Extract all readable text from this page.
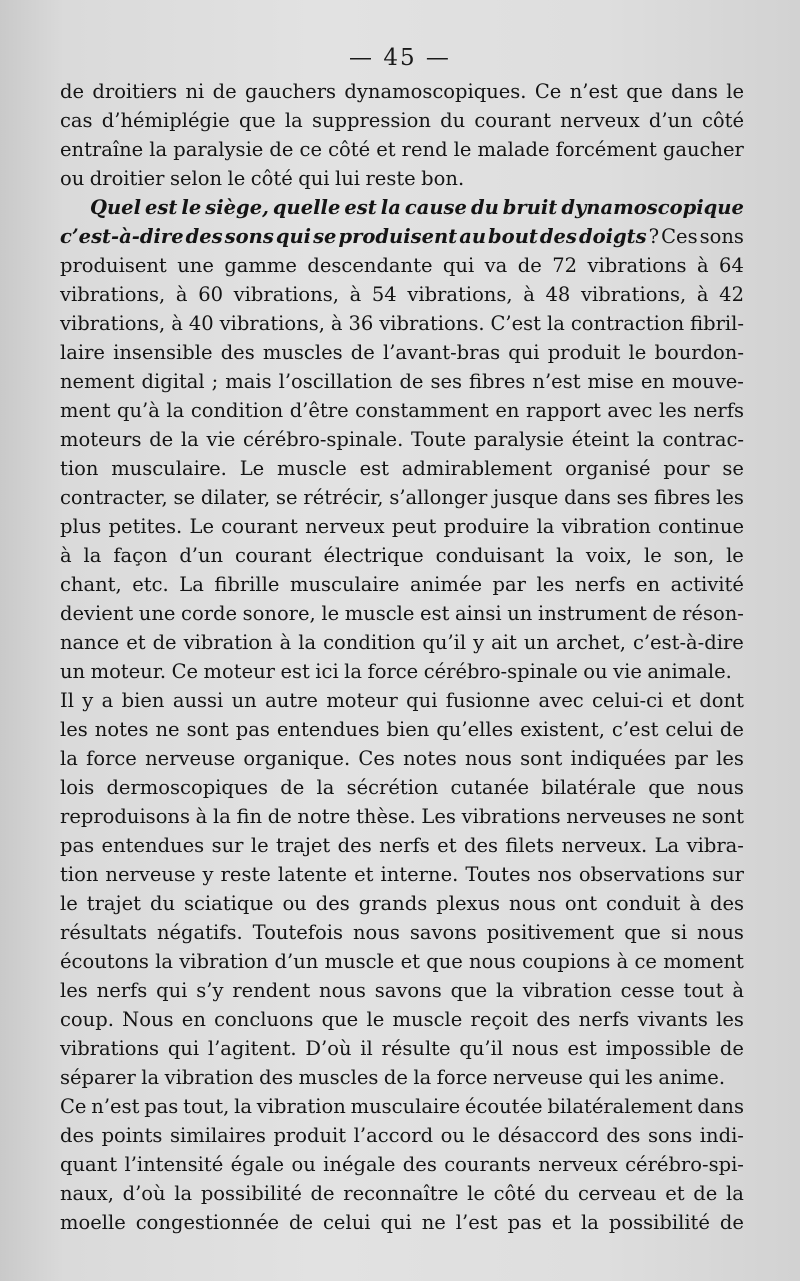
— 45 —
de droitiers ni de gauchers dynamoscopiques. Ce n’est que dans le
cas d’hémiplégie que la suppression du courant nerveux d’un côté
entraîne la paralysie de ce côté et rend le malade forcément gaucher
ou droitier selon le côté qui lui reste bon.
Quel est le siège, quelle est la cause du bruit dynamoscopique
c’est-à-dire des sons qui se produisent au bout des doigts ? Ces sons
produisent une gamme descendante qui va de 72 vibrations à 64
vibrations, à 60 vibrations, à 54 vibrations, à 48 vibrations, à 42
vibrations, à 40 vibrations, à 36 vibrations. C’est la contraction fibril-
laire insensible des muscles de l’avant-bras qui produit le bourdon-
nement digital ; mais l’oscillation de ses fibres n’est mise en mouve-
ment qu’à la condition d’être constamment en rapport avec les nerfs
moteurs de la vie cérébro-spinale. Toute paralysie éteint la contrac-
tion musculaire. Le muscle est admirablement organisé pour se
contracter, se dilater, se rétrécir, s’allonger jusque dans ses fibres les
plus petites. Le courant nerveux peut produire la vibration continue
à la façon d’un courant électrique conduisant la voix, le son, le
chant, etc. La fibrille musculaire animée par les nerfs en activité
devient une corde sonore, le muscle est ainsi un instrument de réson-
nance et de vibration à la condition qu’il y ait un archet, c’est-à-dire
un moteur. Ce moteur est ici la force cérébro-spinale ou vie animale.
Il y a bien aussi un autre moteur qui fusionne avec celui-ci et dont
les notes ne sont pas entendues bien qu’elles existent, c’est celui de
la force nerveuse organique. Ces notes nous sont indiquées par les
lois dermoscopiques de la sécrétion cutanée bilatérale que nous
reproduisons à la fin de notre thèse. Les vibrations nerveuses ne sont
pas entendues sur le trajet des nerfs et des filets nerveux. La vibra-
tion nerveuse y reste latente et interne. Toutes nos observations sur
le trajet du sciatique ou des grands plexus nous ont conduit à des
résultats négatifs. Toutefois nous savons positivement que si nous
écoutons la vibration d’un muscle et que nous coupions à ce moment
les nerfs qui s’y rendent nous savons que la vibration cesse tout à
coup. Nous en concluons que le muscle reçoit des nerfs vivants les
vibrations qui l’agitent. D’où il résulte qu’il nous est impossible de
séparer la vibration des muscles de la force nerveuse qui les anime.
Ce n’est pas tout, la vibration musculaire écoutée bilatéralement dans
des points similaires produit l’accord ou le désaccord des sons indi-
quant l’intensité égale ou inégale des courants nerveux cérébro-spi-
naux, d’où la possibilité de reconnaître le côté du cerveau et de la
moelle congestionnée de celui qui ne l’est pas et la possibilité de
